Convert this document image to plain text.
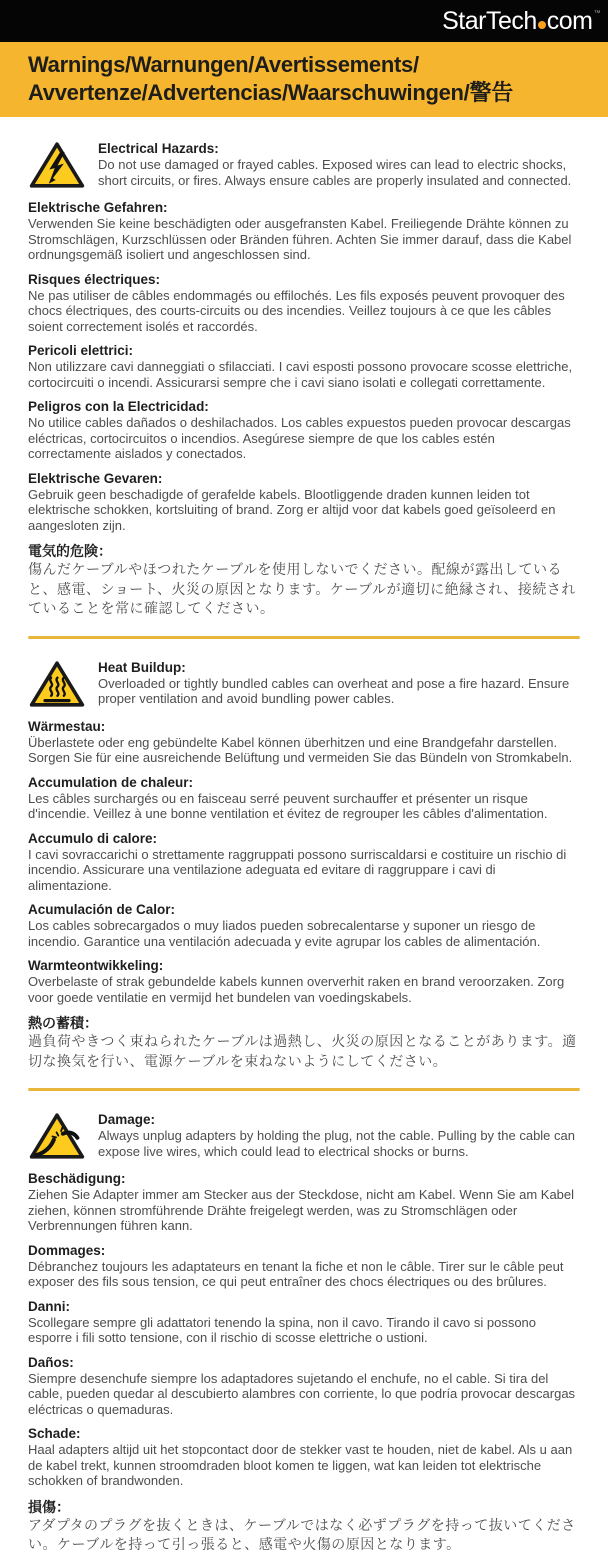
StarTech com ™
Warnings/Warnungen/Avertissements/
Avvertenze/Advertencias/Waarschuwingen/警告
Electrical Hazards:

Do not use damaged or frayed cables. Exposed wires can lead to electric shocks, short circuits, or fires. Always ensure cables are properly insulated and connected.

Elektrische Gefahren:

Verwenden Sie keine beschädigten oder ausgefransten Kabel. Freiliegende Drähte können zu Stromschlägen, Kurzschlüssen oder Bränden führen. Achten Sie immer darauf, dass die Kabel ordnungsgemäß isoliert und angeschlossen sind.

Risques électriques:

Ne pas utiliser de câbles endommagés ou effilochés. Les fils exposés peuvent provoquer des chocs électriques, des courts-circuits ou des incendies. Veillez toujours à ce que les câbles soient correctement isolés et raccordés.

Pericoli elettrici:

Non utilizzare cavi danneggiati o sfilacciati. I cavi esposti possono provocare scosse elettriche, cortocircuiti o incendi. Assicurarsi sempre che i cavi siano isolati e collegati correttamente.

Peligros con la Electricidad:

No utilice cables dañados o deshilachados. Los cables expuestos pueden provocar descargas eléctricas, cortocircuitos o incendios. Asegúrese siempre de que los cables estén correctamente aislados y conectados.

Elektrische Gevaren:

Gebruik geen beschadigde of gerafelde kabels. Blootliggende draden kunnen leiden tot elektrische schokken, kortsluiting of brand. Zorg er altijd voor dat kabels goed geïsoleerd en aangesloten zijn.

電気的危険：

傷んだケーブルやほつれたケーブルを使用しないでください。配線が露出していると、感電、ショート、火災の原因となります。ケーブルが適切に絶縁され、接続されていることを常に確認してください。

Heat Buildup:

Overloaded or tightly bundled cables can overheat and pose a fire hazard. Ensure proper ventilation and avoid bundling power cables.

Wärmestau:

Überlastete oder eng gebündelte Kabel können überhitzen und eine Brandgefahr darstellen. Sorgen Sie für eine ausreichende Belüftung und vermeiden Sie das Bündeln von Stromkabeln.

Accumulation de chaleur:

Les câbles surchargés ou en faisceau serré peuvent surchauffer et présenter un risque d'incendie. Veillez à une bonne ventilation et évitez de regrouper les câbles d'alimentation.

Accumulo di calore:

I cavi sovraccarichi o strettamente raggruppati possono surriscaldarsi e costituire un rischio di incendio. Assicurare una ventilazione adeguata ed evitare di raggruppare i cavi di alimentazione.

Acumulación de Calor:

Los cables sobrecargados o muy liados pueden sobrecalentarse y suponer un riesgo de incendio. Garantice una ventilación adecuada y evite agrupar los cables de alimentación.

Warmteontwikkeling:

Overbelaste of strak gebundelde kabels kunnen oververhit raken en brand veroorzaken. Zorg voor goede ventilatie en vermijd het bundelen van voedingskabels.

熱の蓄積：

過負荷やきつく束ねられたケーブルは過熱し、火災の原因となることがあります。適切な換気を行い、電源ケーブルを束ねないようにしてください。

Damage:

Always unplug adapters by holding the plug, not the cable. Pulling by the cable can expose live wires, which could lead to electrical shocks or burns.

Beschädigung:

Ziehen Sie Adapter immer am Stecker aus der Steckdose, nicht am Kabel. Wenn Sie am Kabel ziehen, können stromführende Drähte freigelegt werden, was zu Stromschlägen oder Verbrennungen führen kann.

Dommages:

Débranchez toujours les adaptateurs en tenant la fiche et non le câble. Tirer sur le câble peut exposer des fils sous tension, ce qui peut entraîner des chocs électriques ou des brûlures.

Danni:

Scollegare sempre gli adattatori tenendo la spina, non il cavo. Tirando il cavo si possono esporre i fili sotto tensione, con il rischio di scosse elettriche o ustioni.

Daños:

Siempre desenchufe siempre los adaptadores sujetando el enchufe, no el cable. Si tira del cable, pueden quedar al descubierto alambres con corriente, lo que podría provocar descargas eléctricas o quemaduras.

Schade:

Haal adapters altijd uit het stopcontact door de stekker vast te houden, niet de kabel. Als u aan de kabel trekt, kunnen stroomdraden bloot komen te liggen, wat kan leiden tot elektrische schokken of brandwonden.

損傷：

アダプタのプラグを抜くときは、ケーブルではなく必ずプラグを持って抜いてください。ケーブルを持って引っ張ると、感電や火傷の原因となります。
